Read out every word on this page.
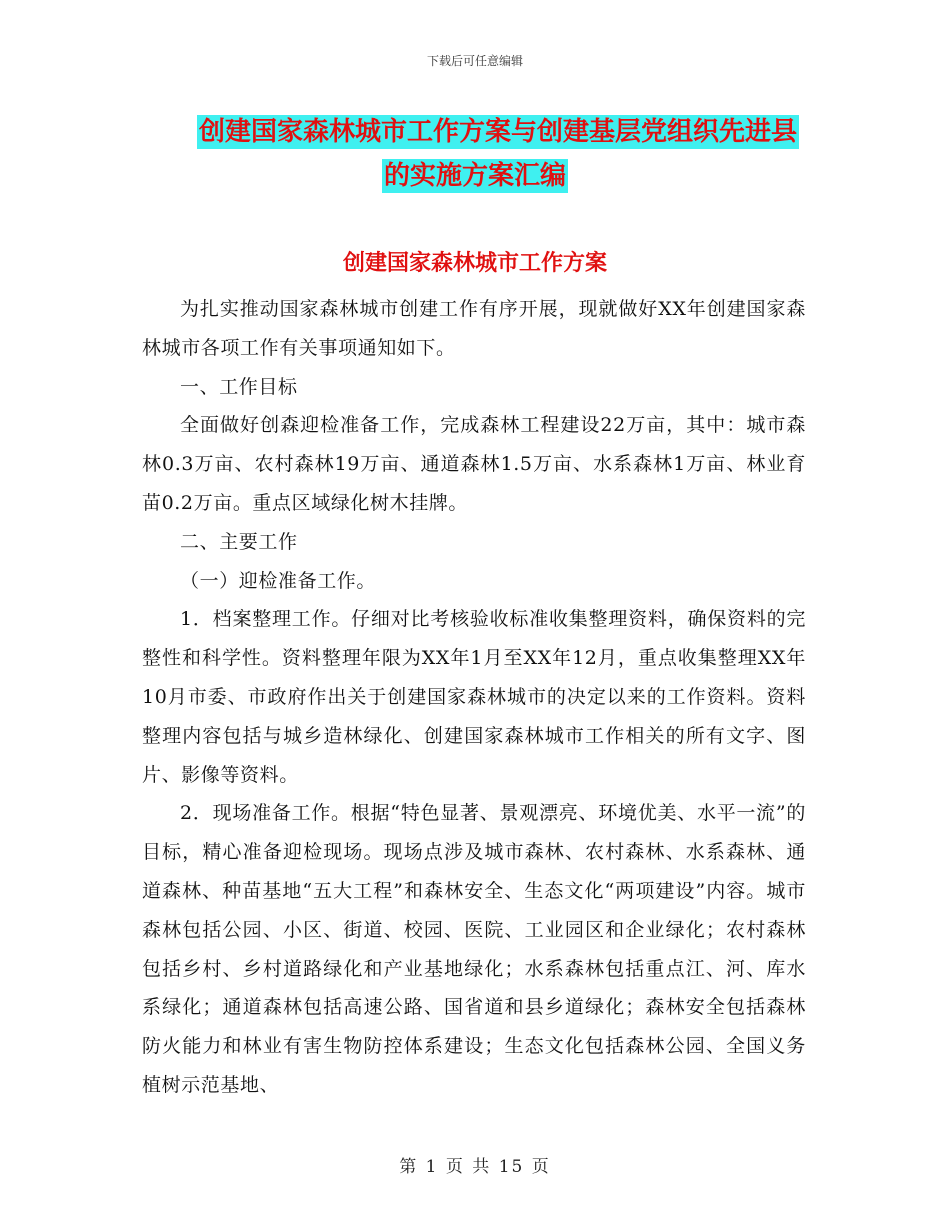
下载后可任意编辑
创建国家森林城市工作方案与创建基层党组织先进县
的实施方案汇编
创建国家森林城市工作方案

为扎实推动国家森林城市创建工作有序开展，现就做好XX年创建国家森林城市各项工作有关事项通知如下。

一、工作目标

全面做好创森迎检准备工作，完成森林工程建设22万亩，其中：城市森林0.3万亩、农村森林19万亩、通道森林1.5万亩、水系森林1万亩、林业育苗0.2万亩。重点区域绿化树木挂牌。

二、主要工作

（一）迎检准备工作。

1．档案整理工作。仔细对比考核验收标准收集整理资料，确保资料的完整性和科学性。资料整理年限为XX年1月至XX年12月，重点收集整理XX年10月市委、市政府作出关于创建国家森林城市的决定以来的工作资料。资料整理内容包括与城乡造林绿化、创建国家森林城市工作相关的所有文字、图片、影像等资料。

2．现场准备工作。根据“特色显著、景观漂亮、环境优美、水平一流”的目标，精心准备迎检现场。现场点涉及城市森林、农村森林、水系森林、通道森林、种苗基地“五大工程”和森林安全、生态文化“两项建设”内容。城市森林包括公园、小区、街道、校园、医院、工业园区和企业绿化；农村森林包括乡村、乡村道路绿化和产业基地绿化；水系森林包括重点江、河、库水系绿化；通道森林包括高速公路、国省道和县乡道绿化；森林安全包括森林防火能力和林业有害生物防控体系建设；生态文化包括森林公园、全国义务植树示范基地、

第 1 页 共 15 页
